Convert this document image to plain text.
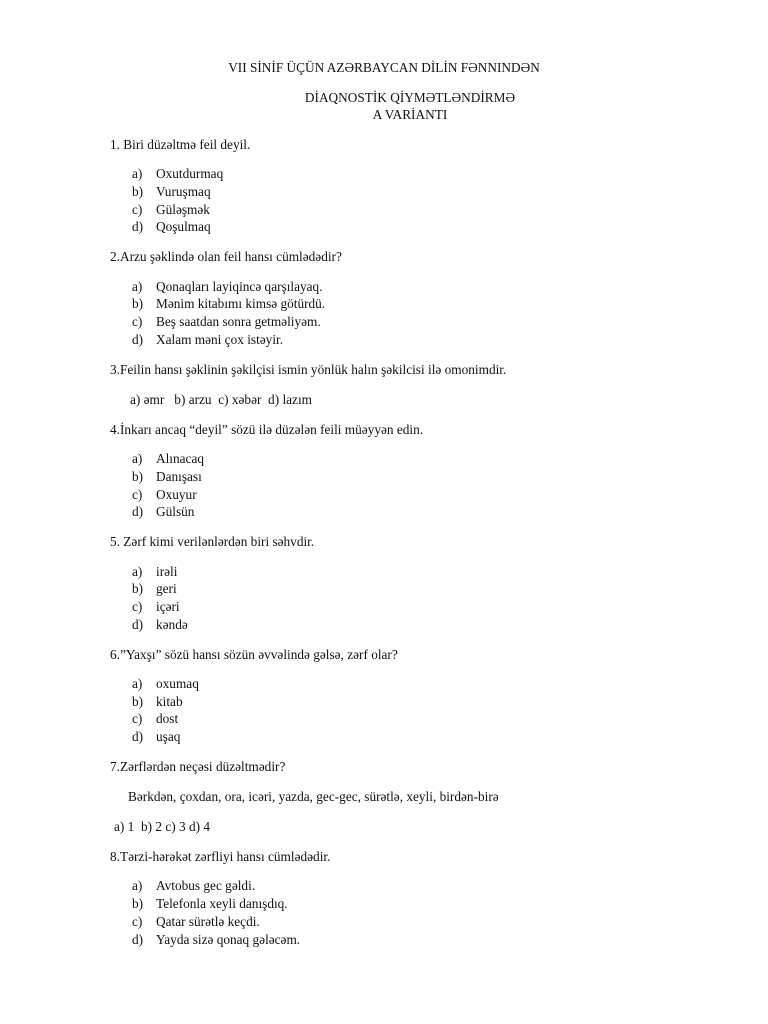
VII SİNİF ÜÇÜN AZƏRBAYCAN DİLİN FƏNNINDƏN
DİAQNOSTİK QİYMƏTLƏNDİRMƏ
A VARİANTI
1. Biri düzəltmə feil deyil.
a) Oxutdurmaq
b) Vuruşmaq
c) Güləşmək
d) Qoşulmaq
2.Arzu şəklində olan feil hansı cümlədədir?
a) Qonaqları layiqincə qarşılayaq.
b) Mənim kitabımı kimsə götürdü.
c) Beş saatdan sonra getməliyəm.
d) Xalam məni çox istəyir.
3.Feilin hansı şəklinin şəkilçisi ismin yönlük halın şəkilcisi ilə omonimdir.
a) əmr   b) arzu  c) xəbər  d) lazım
4.İnkarı ancaq “deyil” sözü ilə düzələn feili müəyyən edin.
a) Alınacaq
b) Danışası
c) Oxuyur
d) Gülsün
5. Zərf kimi verilənlərdən biri səhvdir.
a) irəli
b) geri
c) içəri
d) kəndə
6.”Yaxşı” sözü hansı sözün əvvəlində gəlsə, zərf olar?
a) oxumaq
b) kitab
c) dost
d) uşaq
7.Zərflərdən neçəsi düzəltmədir?
Bərkdən, çoxdan, ora, icəri, yazda, gec-gec, sürətlə, xeyli, birdən-birə
a) 1  b) 2 c) 3 d) 4
8.Tərzi-hərəkət zərfliyi hansı cümlədədir.
a) Avtobus gec gəldi.
b) Telefonla xeyli danışdıq.
c) Qatar sürətlə keçdi.
d) Yayda sizə qonaq gələcəm.
